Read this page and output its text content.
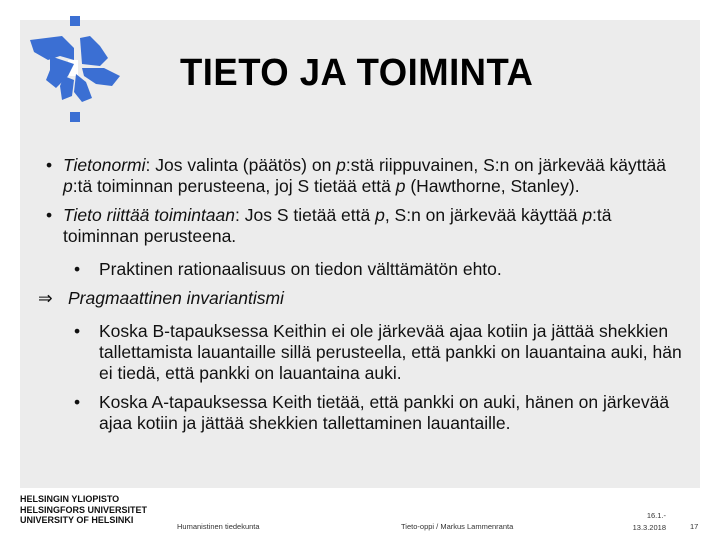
TIETO JA TOIMINTA
• Tietonormi: Jos valinta (päätös) on p:stä riippuvainen, S:n on järkevää käyttää p:tä toiminnan perusteena, joj S tietää että p (Hawthorne, Stanley).
• Tieto riittää toimintaan: Jos S tietää että p, S:n on järkevää käyttää p:tä toiminnan perusteena.
• Praktinen rationaalisuus on tiedon välttämätön ehto.
⇒ Pragmaattinen invariantismi
• Koska B-tapauksessa Keithin ei ole järkevää ajaa kotiin ja jättää shekkien tallettamista lauantaille sillä perusteella, että pankki on lauantaina auki, hän ei tiedä, että pankki on lauantaina auki.
• Koska A-tapauksessa Keith tietää, että pankki on auki, hänen on järkevää ajaa kotiin ja jättää shekkien tallettaminen lauantaille.
HELSINGIN YLIOPISTO
HELSINGFORS UNIVERSITET
UNIVERSITY OF HELSINKI
Humanistinen tiedekunta	Tieto-oppi / Markus Lammenranta
16.1.-
13.3.2018	17
